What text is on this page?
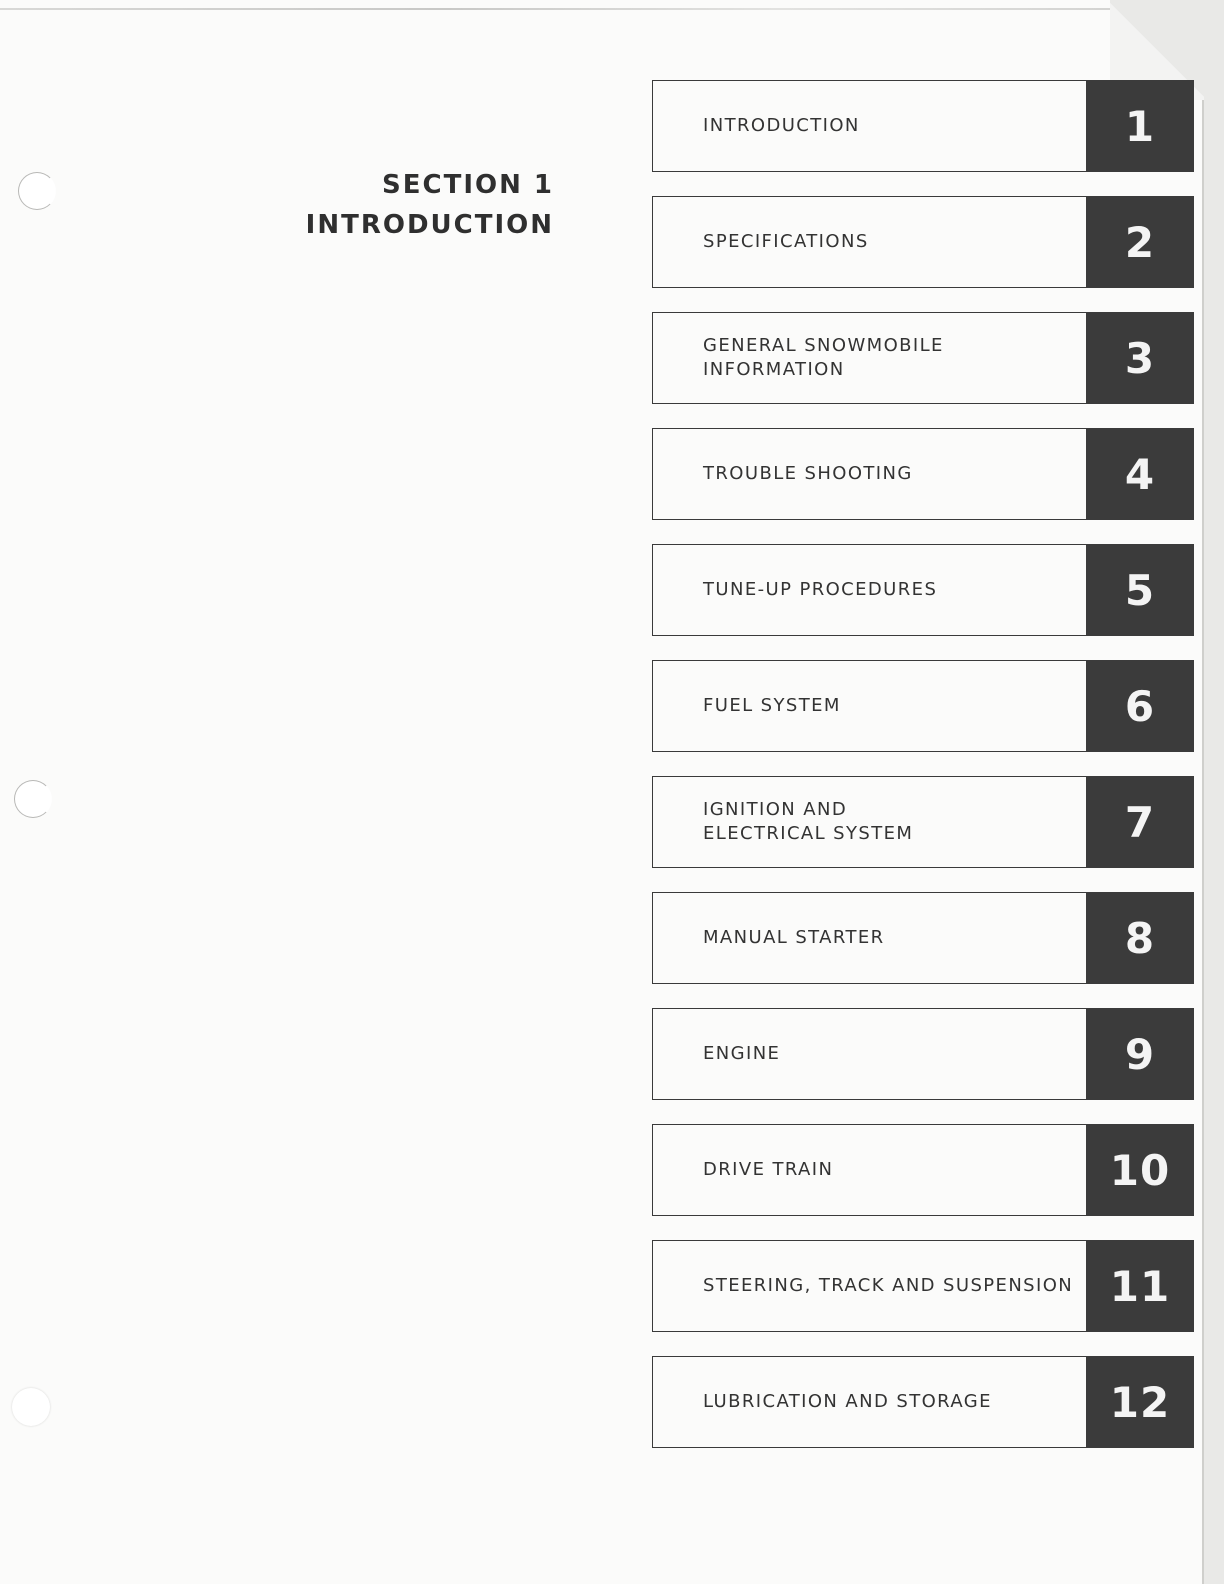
SECTION 1
INTRODUCTION
INTRODUCTION	1
SPECIFICATIONS	2
GENERAL SNOWMOBILE INFORMATION	3
TROUBLE SHOOTING	4
TUNE-UP PROCEDURES	5
FUEL SYSTEM	6
IGNITION AND
ELECTRICAL SYSTEM	7
MANUAL STARTER	8
ENGINE	9
DRIVE TRAIN	10
STEERING, TRACK AND SUSPENSION 11
LUBRICATION AND STORAGE	12
